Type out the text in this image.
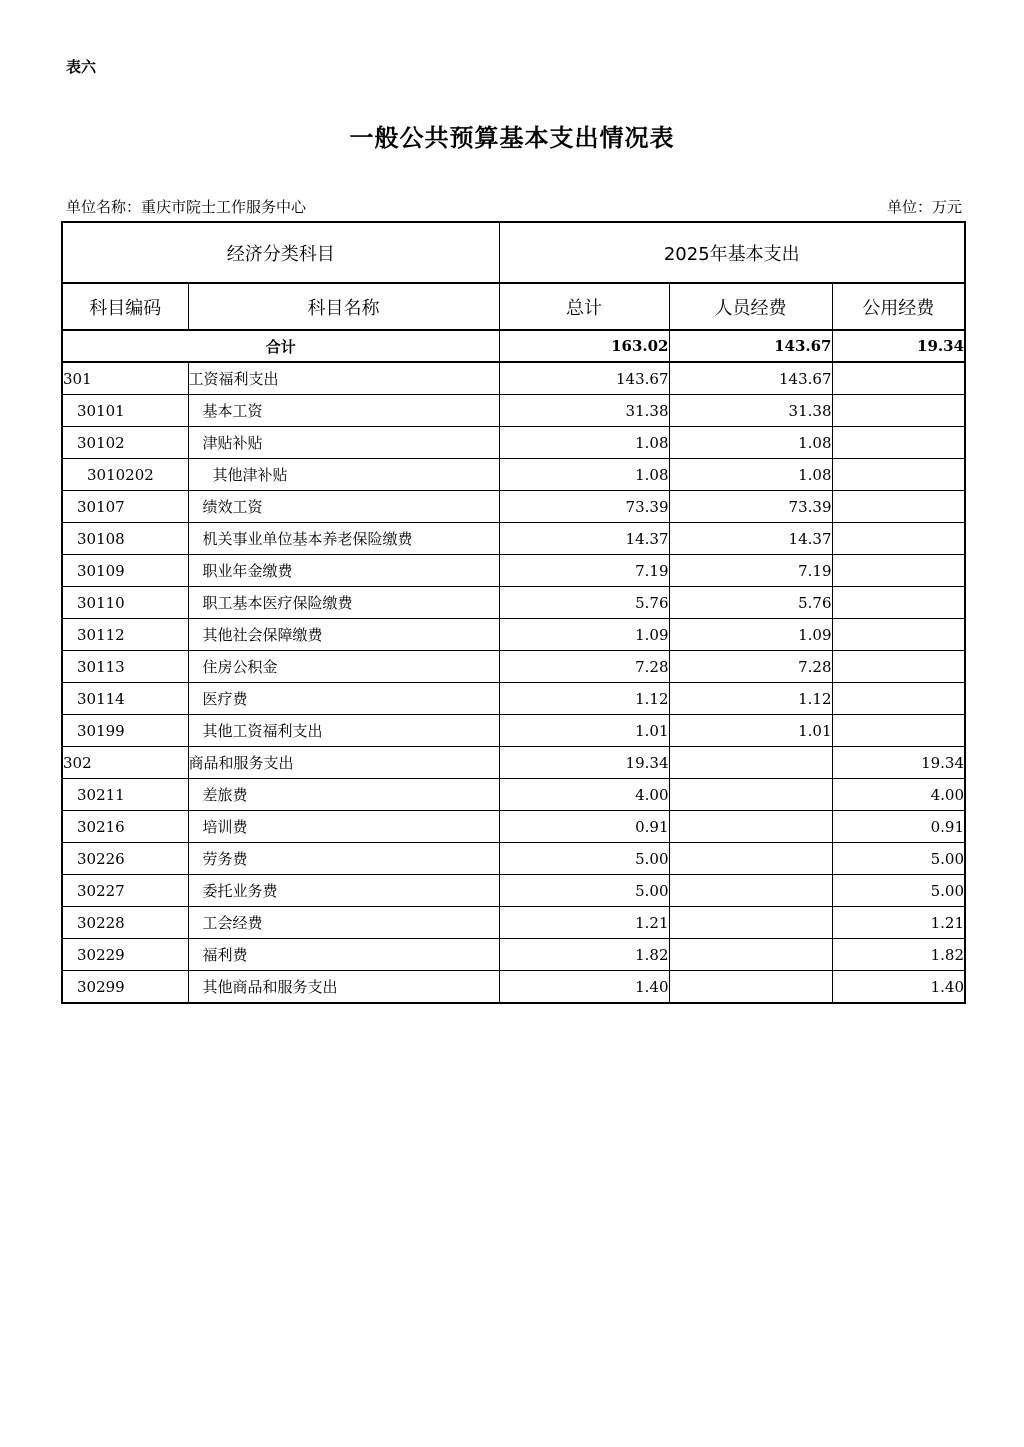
表六
一般公共预算基本支出情况表
单位名称：重庆市院士工作服务中心	单位：万元
经济分类科目		2025年基本支出		
科目编码	科目名称	总计	人员经费	公用经费
合计		163.02	143.67	19.34
301	工资福利支出	143.67	143.67	
30101	基本工资	31.38	31.38	
30102	津贴补贴	1.08	1.08	
3010202	其他津补贴	1.08	1.08	
30107	绩效工资	73.39	73.39	
30108	机关事业单位基本养老保险缴费	14.37	14.37	
30109	职业年金缴费	7.19	7.19	
30110	职工基本医疗保险缴费	5.76	5.76	
30112	其他社会保障缴费	1.09	1.09	
30113	住房公积金	7.28	7.28	
30114	医疗费	1.12	1.12	
30199	其他工资福利支出	1.01	1.01	
302	商品和服务支出	19.34		19.34
30211	差旅费	4.00		4.00
30216	培训费	0.91		0.91
30226	劳务费	5.00		5.00
30227	委托业务费	5.00		5.00
30228	工会经费	1.21		1.21
30229	福利费	1.82		1.82
30299	其他商品和服务支出	1.40		1.40
